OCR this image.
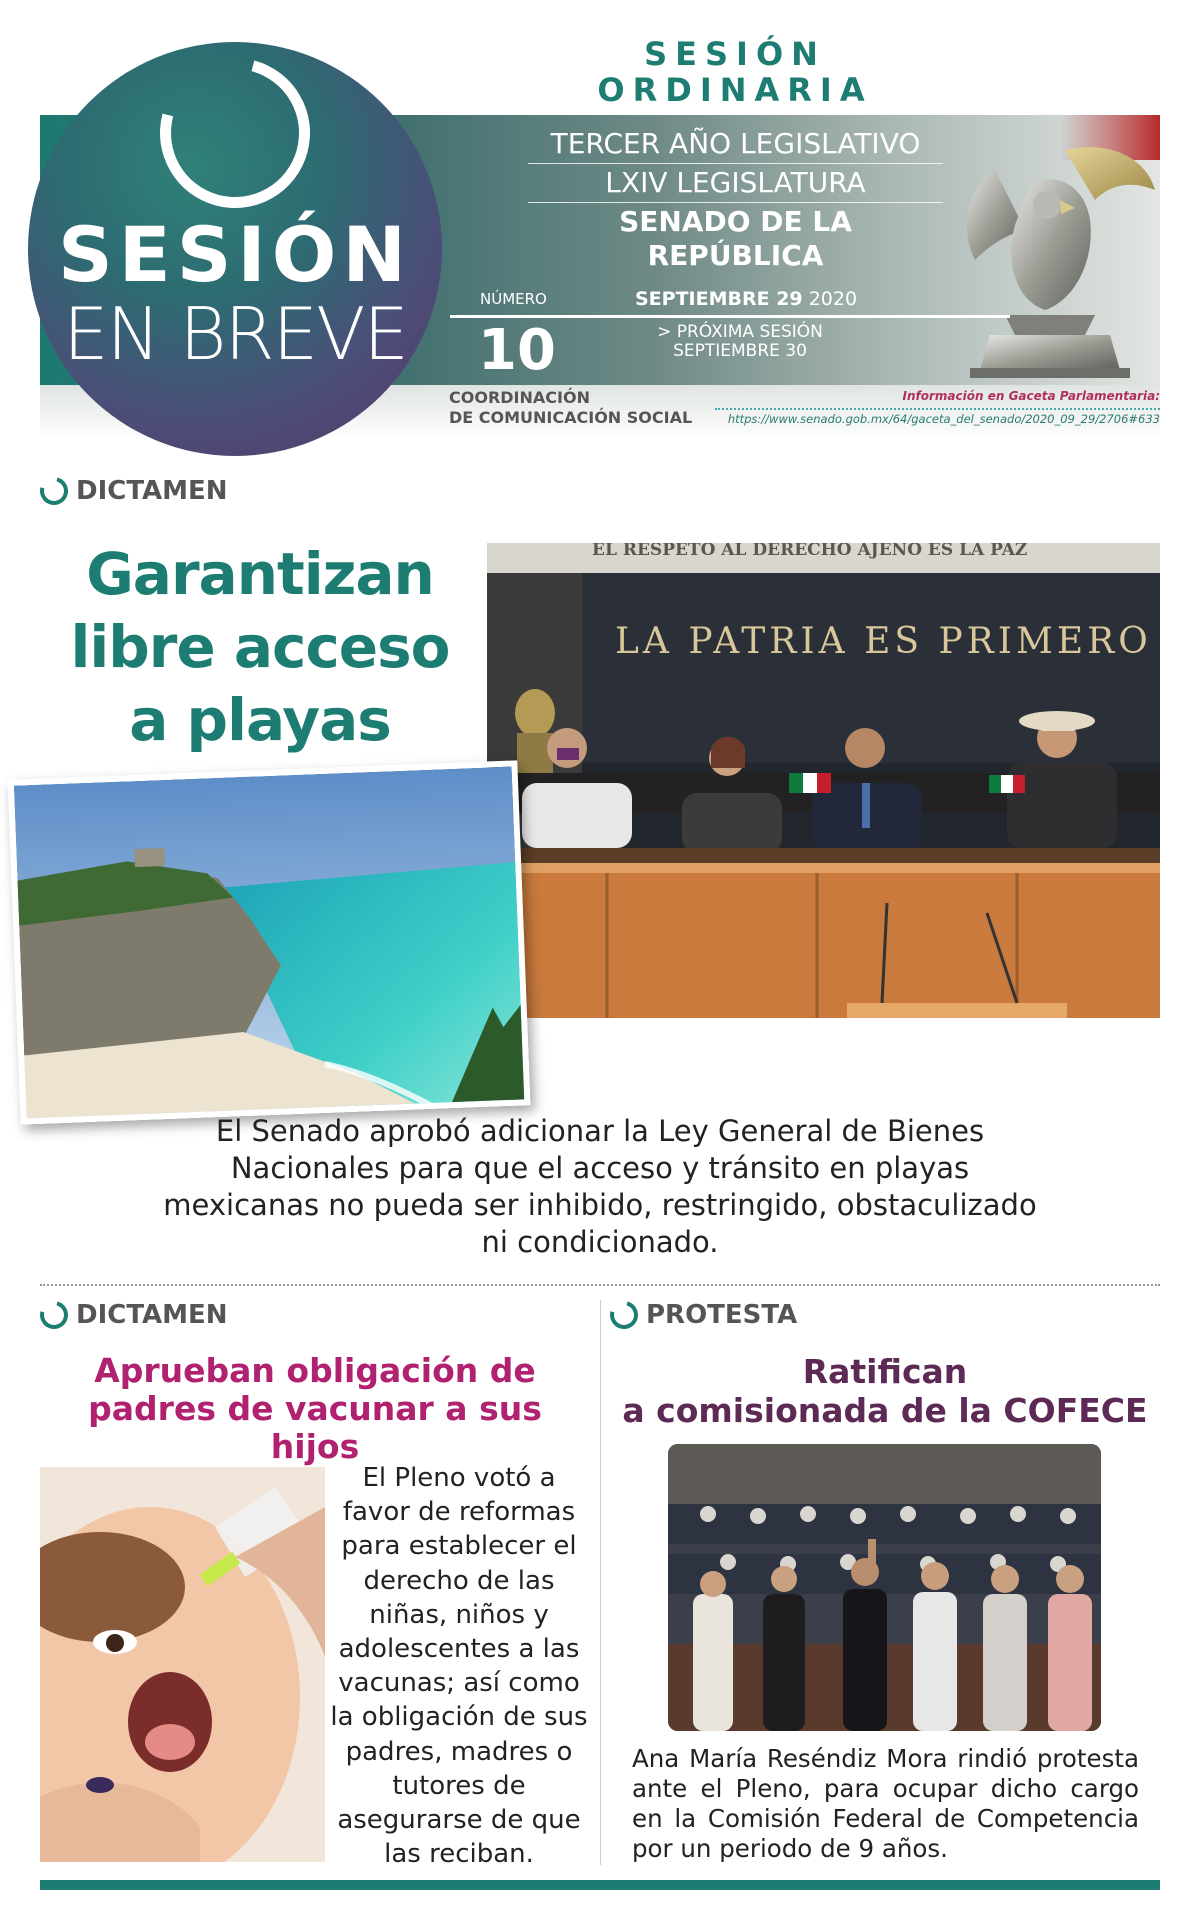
SESIÓN
EN BREVE
SESIÓN
ORDINARIA
TERCER AÑO LEGISLATIVO
LXIV LEGISLATURA
SENADO DE LA REPÚBLICA
NÚMERO
10
SEPTIEMBRE 29 2020
> PRÓXIMA SESIÓN
SEPTIEMBRE 30
COORDINACIÓN
DE COMUNICACIÓN SOCIAL
Información en Gaceta Parlamentaria:
https://www.senado.gob.mx/64/gaceta_del_senado/2020_09_29/2706#633
DICTAMEN
Garantizan
libre acceso
a playas
EL RESPETO AL DERECHO AJENO ES LA PAZ
LA PATRIA ES PRIMERO
El Senado aprobó adicionar la Ley General de Bienes Nacionales para que el acceso y tránsito en playas mexicanas no pueda ser inhibido, restringido, obstaculizado ni condicionado.
DICTAMEN
Aprueban obligación de
padres de vacunar a sus hijos
El Pleno votó a favor de reformas para establecer el derecho de las niñas, niños y adolescentes a las vacunas; así como la obligación de sus padres, madres o tutores de asegurarse de que las reciban.
PROTESTA
Ratifican
a comisionada de la COFECE
Ana María Reséndiz Mora rindió protesta ante el Pleno, para ocupar dicho cargo en la Comisión Federal de Competencia por un periodo de 9 años.
